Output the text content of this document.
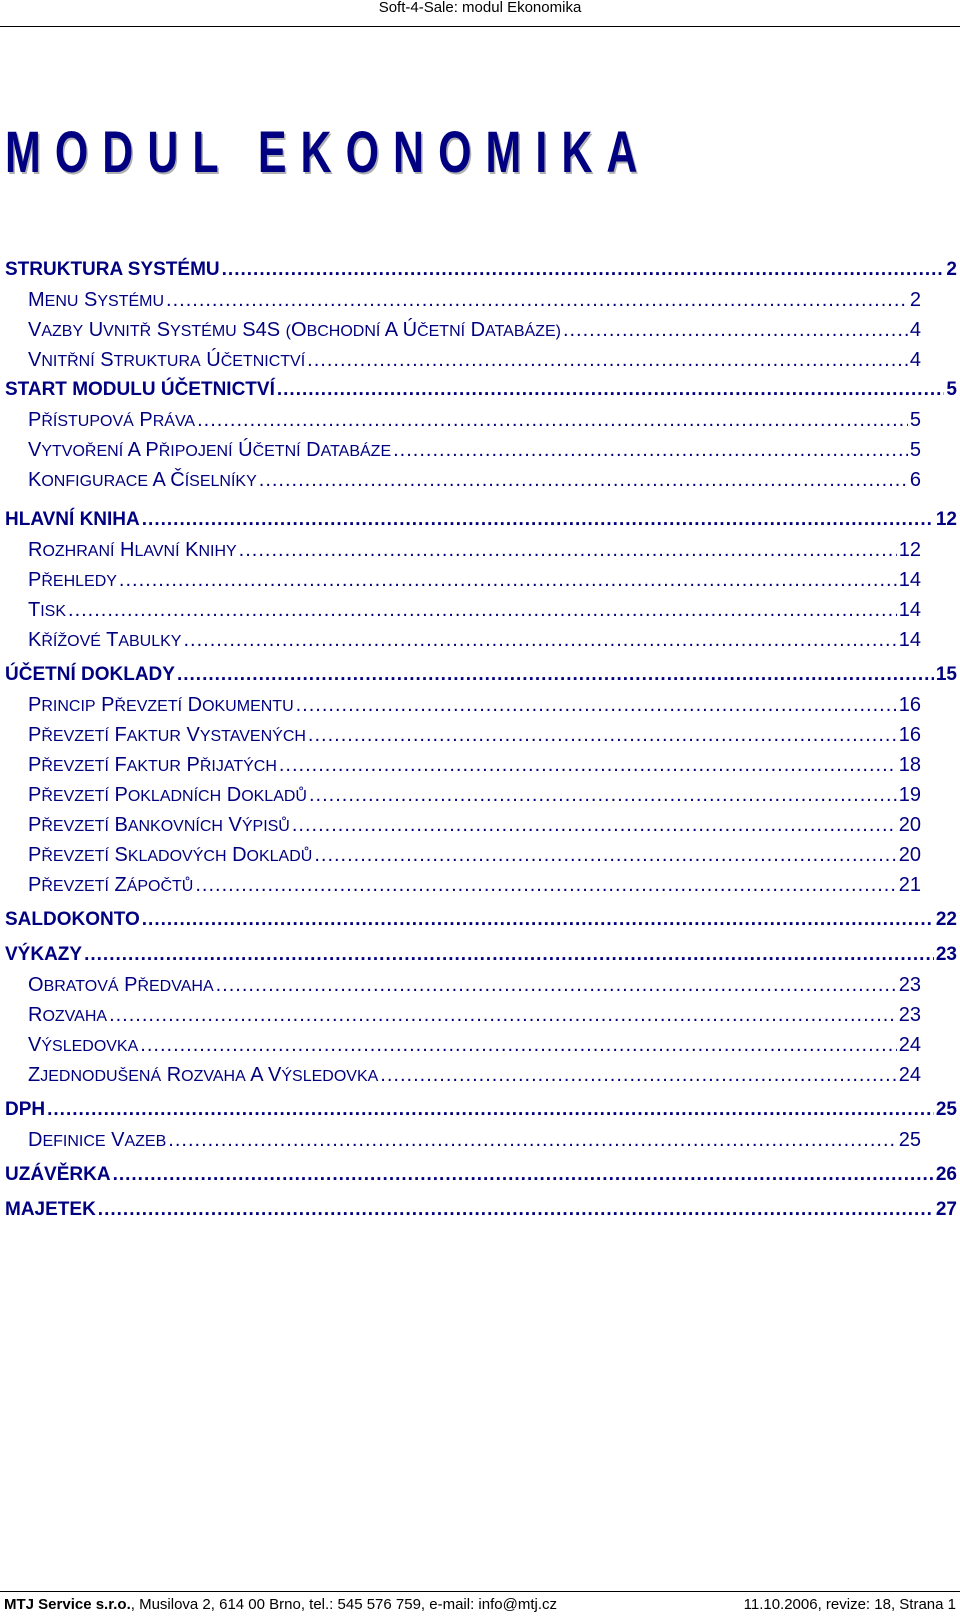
Soft-4-Sale: modul Ekonomika
MODUL EKONOMIKA
STRUKTURA SYSTÉMU .....	2
MENU SYSTÉMU .....	2
VAZBY UVNITŘ SYSTÉMU S4S (OBCHODNÍ A ÚČETNÍ DATABÁZE) .....	4
VNITŘNÍ STRUKTURA ÚČETNICTVÍ .....	4
START MODULU ÚČETNICTVÍ .....	5
PŘÍSTUPOVÁ PRÁVA .....	5
VYTVOŘENÍ A PŘIPOJENÍ ÚČETNÍ DATABÁZE .....	5
KONFIGURACE A ČÍSELNÍKY .....	6
HLAVNÍ KNIHA .....	12
ROZHRANÍ HLAVNÍ KNIHY .....	12
PŘEHLEDY .....	14
TISK .....	14
KŘÍŽOVÉ TABULKY .....	14
ÚČETNÍ DOKLADY .....	15
PRINCIP PŘEVZETÍ DOKUMENTU .....	16
PŘEVZETÍ FAKTUR VYSTAVENÝCH .....	16
PŘEVZETÍ FAKTUR PŘIJATÝCH .....	18
PŘEVZETÍ POKLADNÍCH DOKLADŮ .....	19
PŘEVZETÍ BANKOVNÍCH VÝPISŮ .....	20
PŘEVZETÍ SKLADOVÝCH DOKLADŮ .....	20
PŘEVZETÍ ZÁPOČTŮ .....	21
SALDOKONTO .....	22
VÝKAZY .....	23
OBRATOVÁ PŘEDVAHA .....	23
ROZVAHA .....	23
VÝSLEDOVKA .....	24
ZJEDNODUŠENÁ ROZVAHA A VÝSLEDOVKA .....	24
DPH .....	25
DEFINICE VAZEB .....	25
UZÁVĚRKA .....	26
MAJETEK .....	27
MTJ Service s.r.o., Musilova 2, 614 00 Brno, tel.: 545 576 759, e-mail: info@mtj.cz	11.10.2006, revize: 18, Strana 1
